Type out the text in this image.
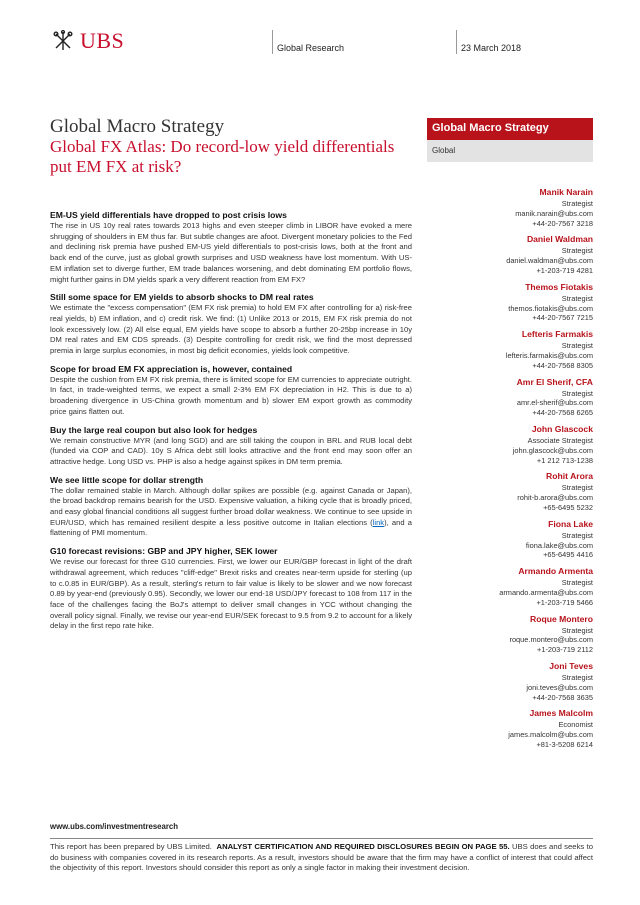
UBS	Global Research	23 March 2018
Global Macro Strategy
Global FX Atlas: Do record-low yield differentials put EM FX at risk?
Global Macro Strategy
Global
Manik Narain
Strategist
manik.narain@ubs.com
+44-20-7567 3218
Daniel Waldman
Strategist
daniel.waldman@ubs.com
+1-203-719 4281
Themos Fiotakis
Strategist
themos.fiotakis@ubs.com
+44-20-7567 7215
Lefteris Farmakis
Strategist
lefteris.farmakis@ubs.com
+44-20-7568 8305
Amr El Sherif, CFA
Strategist
amr.el-sherif@ubs.com
+44-20-7568 6265
John Glascock
Associate Strategist
john.glascock@ubs.com
+1 212 713-1238
Rohit Arora
Strategist
rohit-b.arora@ubs.com
+65-6495 5232
Fiona Lake
Strategist
fiona.lake@ubs.com
+65-6495 4416
Armando Armenta
Strategist
armando.armenta@ubs.com
+1-203-719 5466
Roque Montero
Strategist
roque.montero@ubs.com
+1-203-719 2112
Joni Teves
Strategist
joni.teves@ubs.com
+44-20-7568 3635
James Malcolm
Economist
james.malcolm@ubs.com
+81-3-5208 6214
EM-US yield differentials have dropped to post crisis lows

The rise in US 10y real rates towards 2013 highs and even steeper climb in LIBOR have evoked a mere shrugging of shoulders in EM thus far. But subtle changes are afoot. Divergent monetary policies to the Fed and declining risk premia have pushed EM-US yield differentials to post-crisis lows, both at the front and back end of the curve, just as global growth surprises and USD weakness have lost momentum. With US-EM inflation set to diverge further, EM trade balances worsening, and debt dominating EM portfolio flows, might further gains in DM yields spark a very different reaction from EM FX?

Still some space for EM yields to absorb shocks to DM real rates

We estimate the "excess compensation" (EM FX risk premia) to hold EM FX after controlling for a) risk-free real yields, b) EM inflation, and c) credit risk. We find: (1) Unlike 2013 or 2015, EM FX risk premia do not look excessively low. (2) All else equal, EM yields have scope to absorb a further 20-25bp increase in 10y DM real rates and EM CDS spreads. (3) Despite controlling for credit risk, we find the most depressed premia in large surplus economies, in most big deficit economies, yields look competitive.

Scope for broad EM FX appreciation is, however, contained

Despite the cushion from EM FX risk premia, there is limited scope for EM currencies to appreciate outright. In fact, in trade-weighted terms, we expect a small 2-3% EM FX depreciation in H2. This is due to a) broadening divergence in US-China growth momentum and b) slower EM export growth as commodity price gains flatten out.

Buy the large real coupon but also look for hedges

We remain constructive MYR (and long SGD) and are still taking the coupon in BRL and RUB local debt (funded via COP and CAD). 10y S Africa debt still looks attractive and the front end may soon offer an attractive hedge. Long USD vs. PHP is also a hedge against spikes in DM term premia.

We see little scope for dollar strength

The dollar remained stable in March. Although dollar spikes are possible (e.g. against Canada or Japan), the broad backdrop remains bearish for the USD. Expensive valuation, a hiking cycle that is broadly priced, and easy global financial conditions all suggest further broad dollar weakness. We continue to see upside in EUR/USD, which has remained resilient despite a less positive outcome in Italian elections (link), and a flattening of PMI momentum.

G10 forecast revisions: GBP and JPY higher, SEK lower

We revise our forecast for three G10 currencies. First, we lower our EUR/GBP forecast in light of the draft withdrawal agreement, which reduces "cliff-edge" Brexit risks and creates near-term upside for sterling (up to c.0.85 in EUR/GBP). As a result, sterling's return to fair value is likely to be slower and we now forecast 0.89 by year-end (previously 0.95). Secondly, we lower our end-18 USD/JPY forecast to 108 from 117 in the face of the challenges facing the BoJ's attempt to deliver small changes in YCC without changing the overall policy signal. Finally, we revise our year-end EUR/SEK forecast to 9.5 from 9.2 to account for a likely delay in the first repo rate hike.

www.ubs.com/investmentresearch
This report has been prepared by UBS Limited. ANALYST CERTIFICATION AND REQUIRED DISCLOSURES BEGIN ON PAGE 55. UBS does and seeks to do business with companies covered in its research reports. As a result, investors should be aware that the firm may have a conflict of interest that could affect the objectivity of this report. Investors should consider this report as only a single factor in making their investment decision.
